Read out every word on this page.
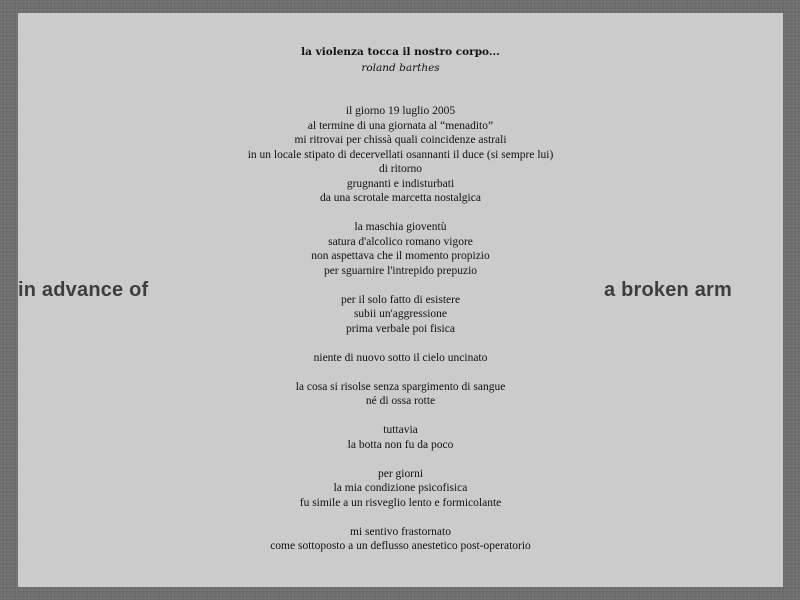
la violenza tocca il nostro corpo...
roland barthes
il giorno 19 luglio 2005
al termine di una giornata al “menadito”
mi ritrovai per chissà quali coincidenze astrali
in un locale stipato di decervellati osannanti il duce (si sempre lui)
di ritorno
grugnanti e indisturbati
da una scrotale marcetta nostalgica
la maschia gioventù
satura d'alcolico romano vigore
non aspettava che il momento propizio
per sguarnire l'intrepido prepuzio
per il solo fatto di esistere
subii un'aggressione
prima verbale poi fisica
niente di nuovo sotto il cielo uncinato
la cosa si risolse senza spargimento di sangue
né di ossa rotte
tuttavia
la botta non fu da poco
per giorni
la mia condizione psicofisica
fu simile a un risveglio lento e formicolante
mi sentivo frastornato
come sottoposto a un deflusso anestetico post-operatorio
in advance of	a broken arm
